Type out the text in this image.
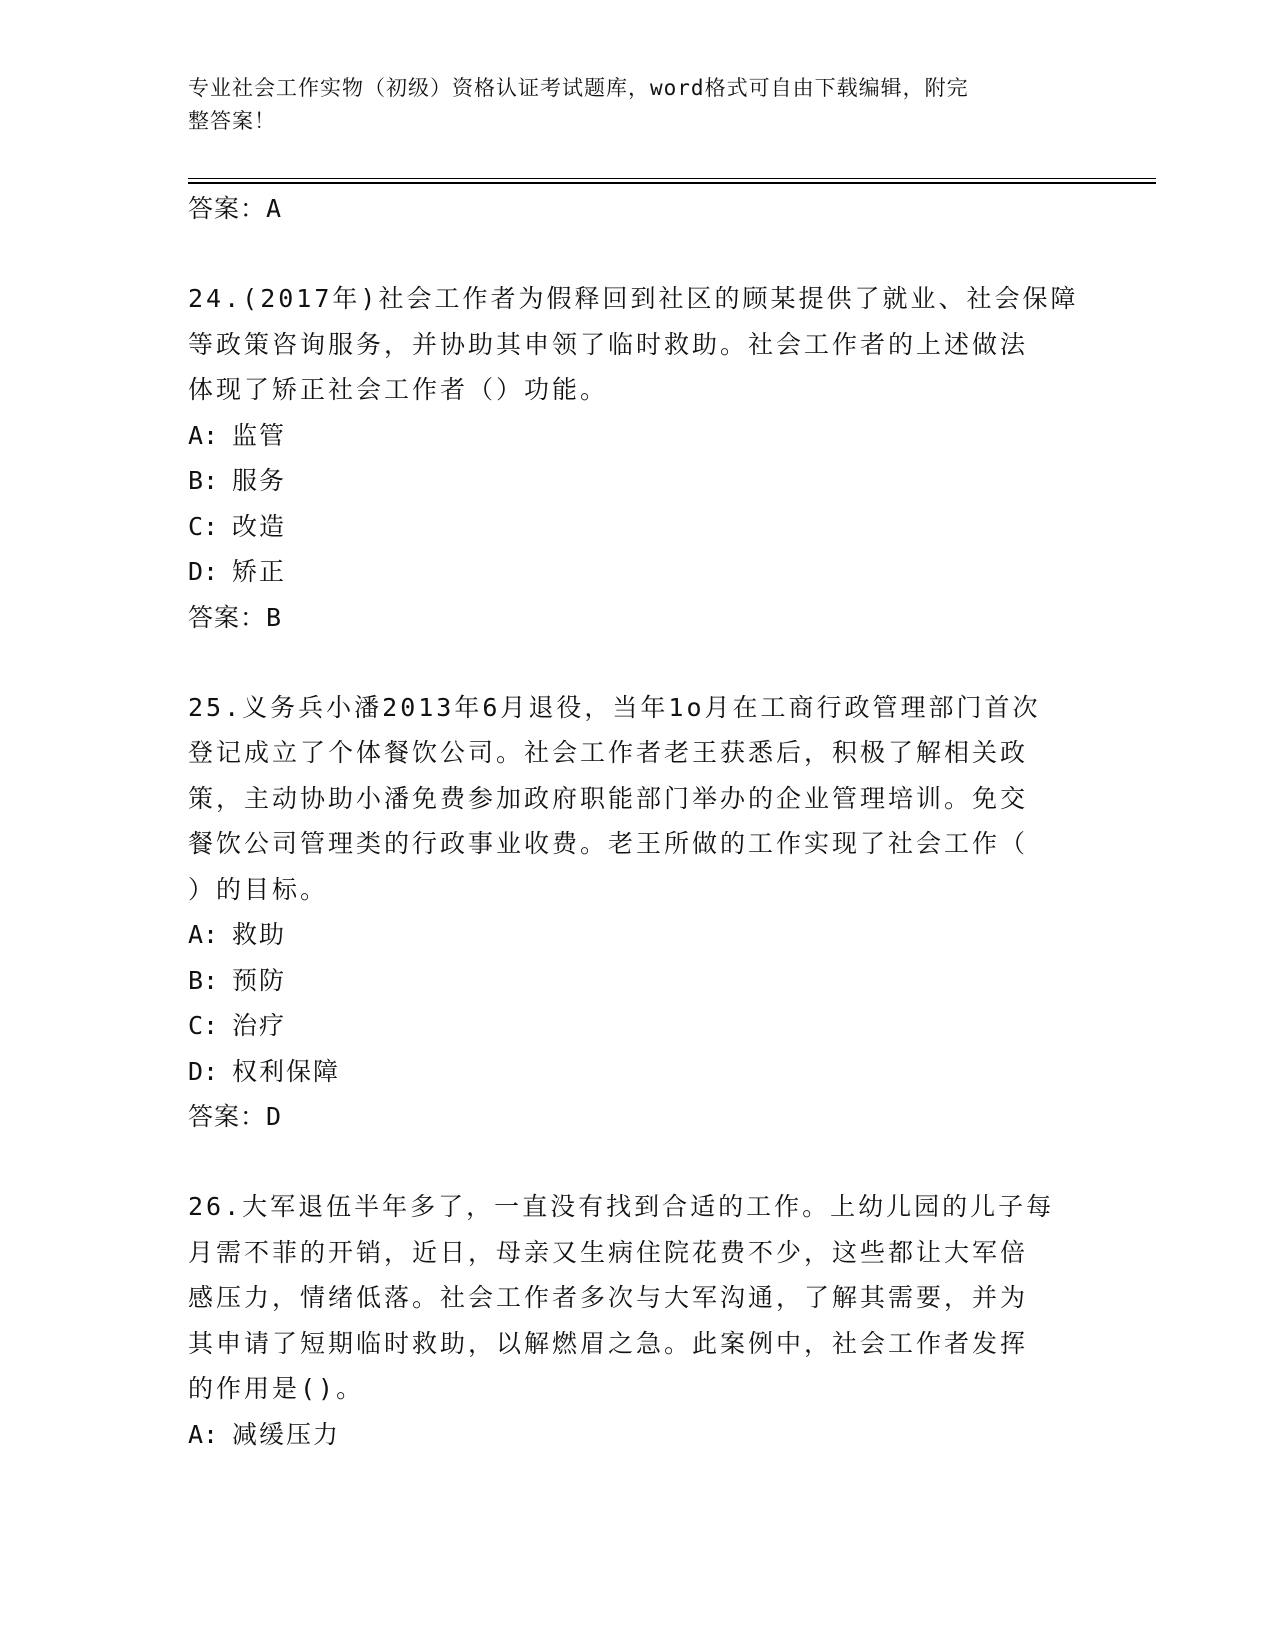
专业社会工作实物（初级）资格认证考试题库，word格式可自由下载编辑，附完
整答案！

答案：A

24.(2017年)社会工作者为假释回到社区的顾某提供了就业、社会保障

等政策咨询服务，并协助其申领了临时救助。社会工作者的上述做法

体现了矫正社会工作者（）功能。

A: 监管

B: 服务

C: 改造

D: 矫正

答案：B

25.义务兵小潘2013年6月退役，当年1o月在工商行政管理部门首次

登记成立了个体餐饮公司。社会工作者老王获悉后，积极了解相关政

策，主动协助小潘免费参加政府职能部门举办的企业管理培训。免交

餐饮公司管理类的行政事业收费。老王所做的工作实现了社会工作（

）的目标。

A: 救助

B: 预防

C: 治疗

D: 权利保障

答案：D

26.大军退伍半年多了，一直没有找到合适的工作。上幼儿园的儿子每

月需不菲的开销，近日，母亲又生病住院花费不少，这些都让大军倍

感压力，情绪低落。社会工作者多次与大军沟通，了解其需要，并为

其申请了短期临时救助，以解燃眉之急。此案例中，社会工作者发挥

的作用是()。

A: 减缓压力
